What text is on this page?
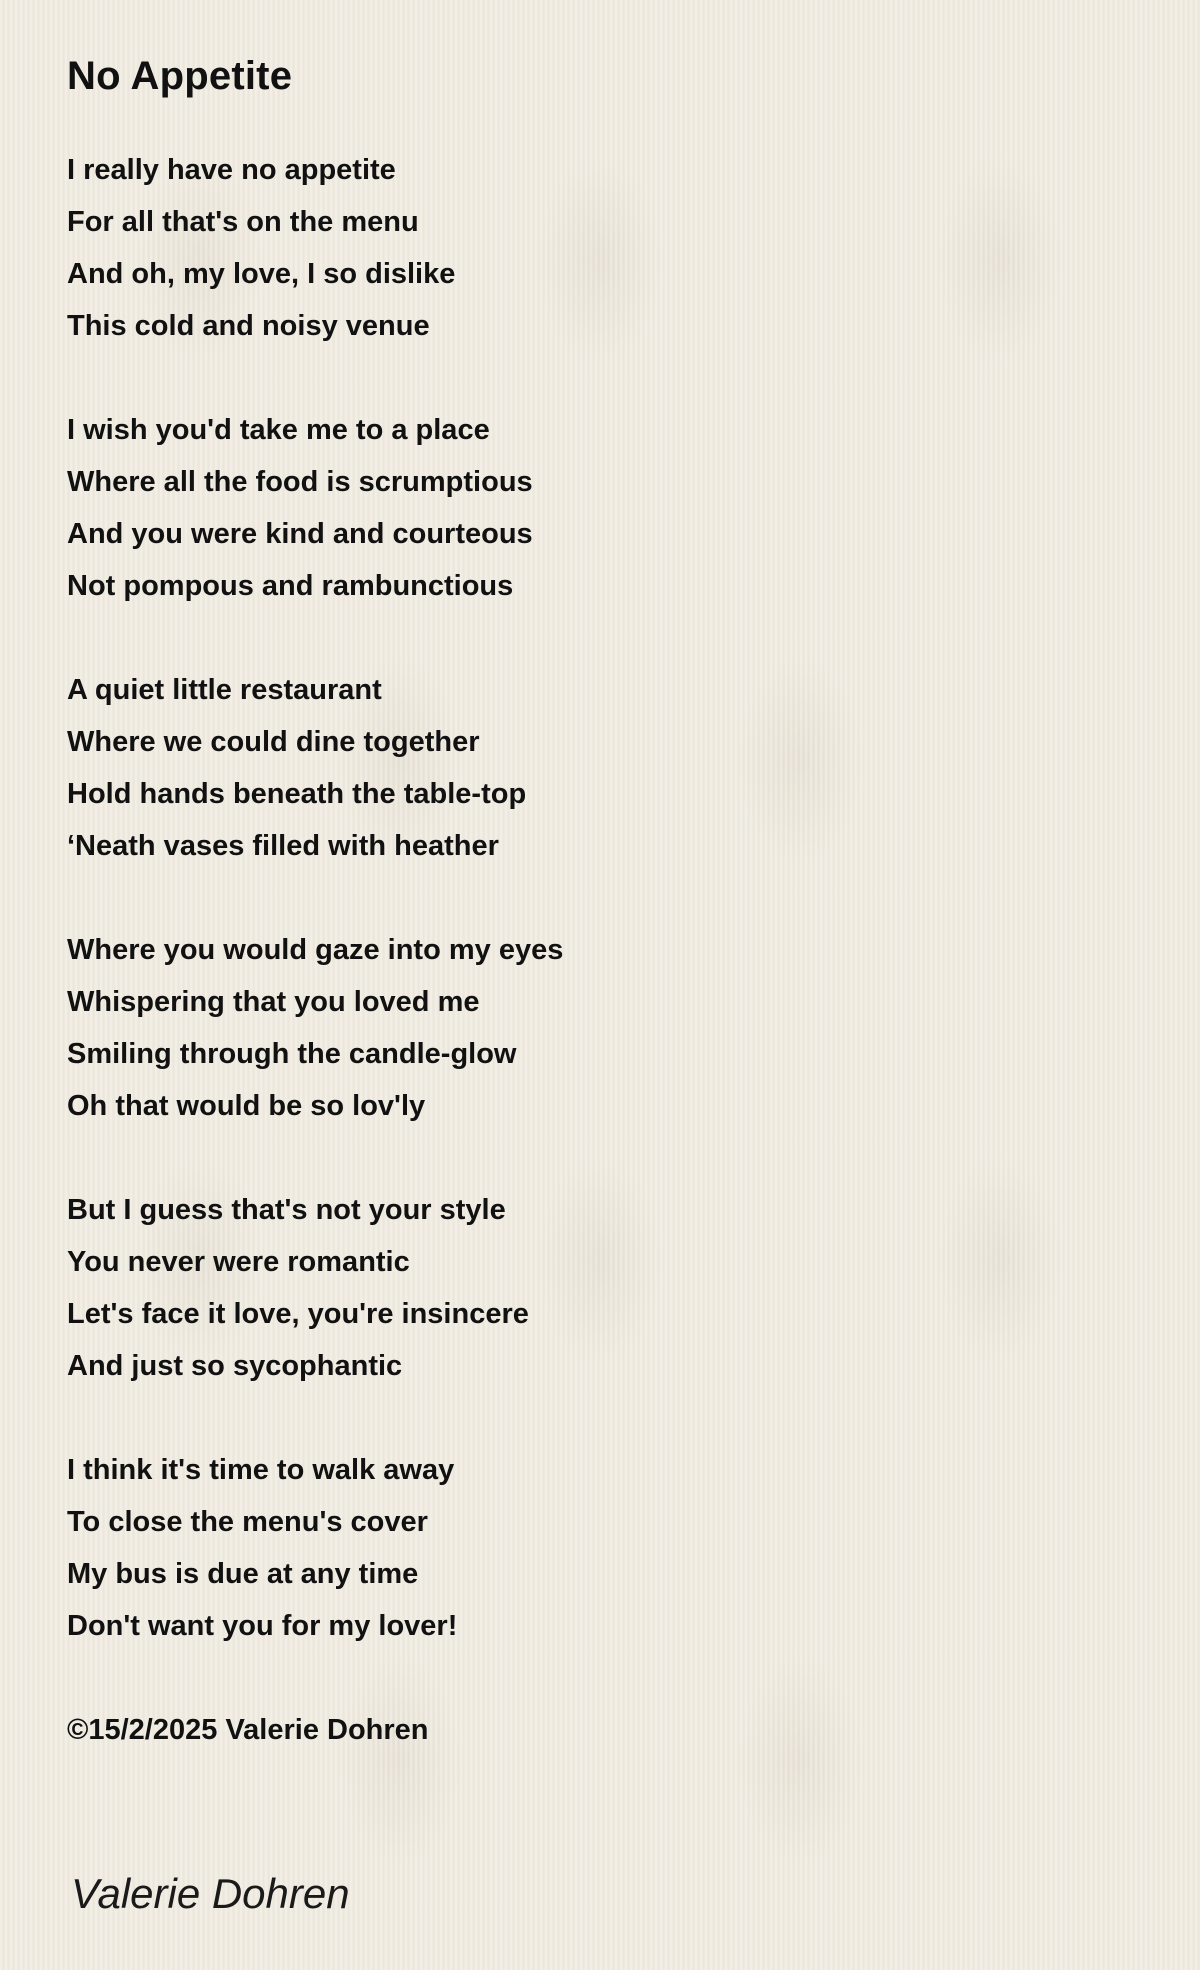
No Appetite
I really have no appetite
For all that's on the menu
And oh, my love, I so dislike
This cold and noisy venue
I wish you'd take me to a place
Where all the food is scrumptious
And you were kind and courteous
Not pompous and rambunctious
A quiet little restaurant
Where we could dine together
Hold hands beneath the table-top
‘Neath vases filled with heather
Where you would gaze into my eyes
Whispering that you loved me
Smiling through the candle-glow
Oh that would be so lov'ly
But I guess that's not your style
You never were romantic
Let's face it love, you're insincere
And just so sycophantic
I think it's time to walk away
To close the menu's cover
My bus is due at any time
Don't want you for my lover!

©15/2/2025 Valerie Dohren

Valerie Dohren
